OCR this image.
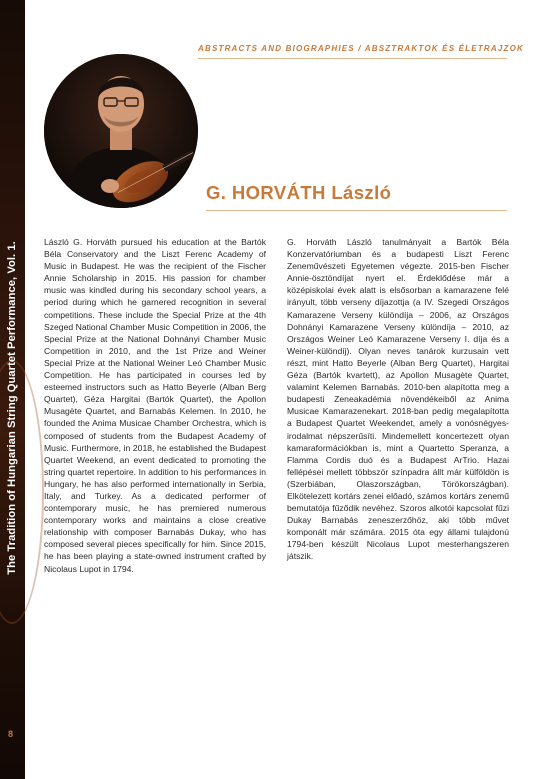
The Tradition of Hungarian String Quartet Performance, Vol. 1.
8
ABSTRACTS AND BIOGRAPHIES / ABSZTRAKTOK ÉS ÉLETRAJZOK
G. HORVÁTH László
László G. Horváth pursued his education at the Bartók Béla Conservatory and the Liszt Ferenc Academy of Music in Budapest. He was the recipient of the Fischer Annie Scholarship in 2015. His passion for chamber music was kindled during his secondary school years, a period during which he garnered recognition in several competitions. These include the Special Prize at the 4th Szeged National Chamber Music Competition in 2006, the Special Prize at the National Dohnányi Chamber Music Competition in 2010, and the 1st Prize and Weiner Special Prize at the National Weiner Leó Chamber Music Competition. He has participated in courses led by esteemed instructors such as Hatto Beyerle (Alban Berg Quartet), Géza Hargitai (Bartók Quartet), the Apollon Musagète Quartet, and Barnabás Kelemen. In 2010, he founded the Anima Musicae Chamber Orchestra, which is composed of students from the Budapest Academy of Music. Furthermore, in 2018, he established the Budapest Quartet Weekend, an event dedicated to promoting the string quartet repertoire. In addition to his performances in Hungary, he has also performed internationally in Serbia, Italy, and Turkey. As a dedicated performer of contemporary music, he has premiered numerous contemporary works and maintains a close creative relationship with composer Barnabás Dukay, who has composed several pieces specifically for him. Since 2015, he has been playing a state-owned instrument crafted by Nicolaus Lupot in 1794.
G. Horváth László tanulmányait a Bartók Béla Konzervatóriumban és a budapesti Liszt Ferenc Zeneművészeti Egyetemen végezte. 2015-ben Fischer Annie-ösztöndíjat nyert el. Érdeklődése már a középiskolai évek alatt is elsősorban a kamarazene felé irányult, több verseny díjazottja (a IV. Szegedi Országos Kamarazene Verseny különdíja – 2006, az Országos Dohnányi Kamarazene Verseny különdíja – 2010, az Országos Weiner Leó Kamarazene Verseny I. díja és a Weiner-különdíj). Olyan neves tanárok kurzusain vett részt, mint Hatto Beyerle (Alban Berg Quartet), Hargitai Géza (Bartók kvartett), az Apollon Musagète Quartet, valamint Kelemen Barnabás. 2010-ben alapította meg a budapesti Zeneakadémia növendékeiből az Anima Musicae Kamarazenekart. 2018-ban pedig megalapította a Budapest Quartet Weekendet, amely a vonósnégyes-irodalmat népszerűsíti. Mindemellett koncertezett olyan kamaraformációkban is, mint a Quartetto Speranza, a Flamma Cordis duó és a Budapest ArTrio. Hazai fellépései mellett többször színpadra állt már külföldön is (Szerbiában, Olaszországban, Törökországban). Elkötelezett kortárs zenei előadó, számos kortárs zenemű bemutatója fűződik nevéhez. Szoros alkotói kapcsolat fűzi Dukay Barnabás zeneszerzőhöz, aki több művet komponált már számára. 2015 óta egy állami tulajdonú 1794-ben készült Nicolaus Lupot mesterhangszeren játszik.
